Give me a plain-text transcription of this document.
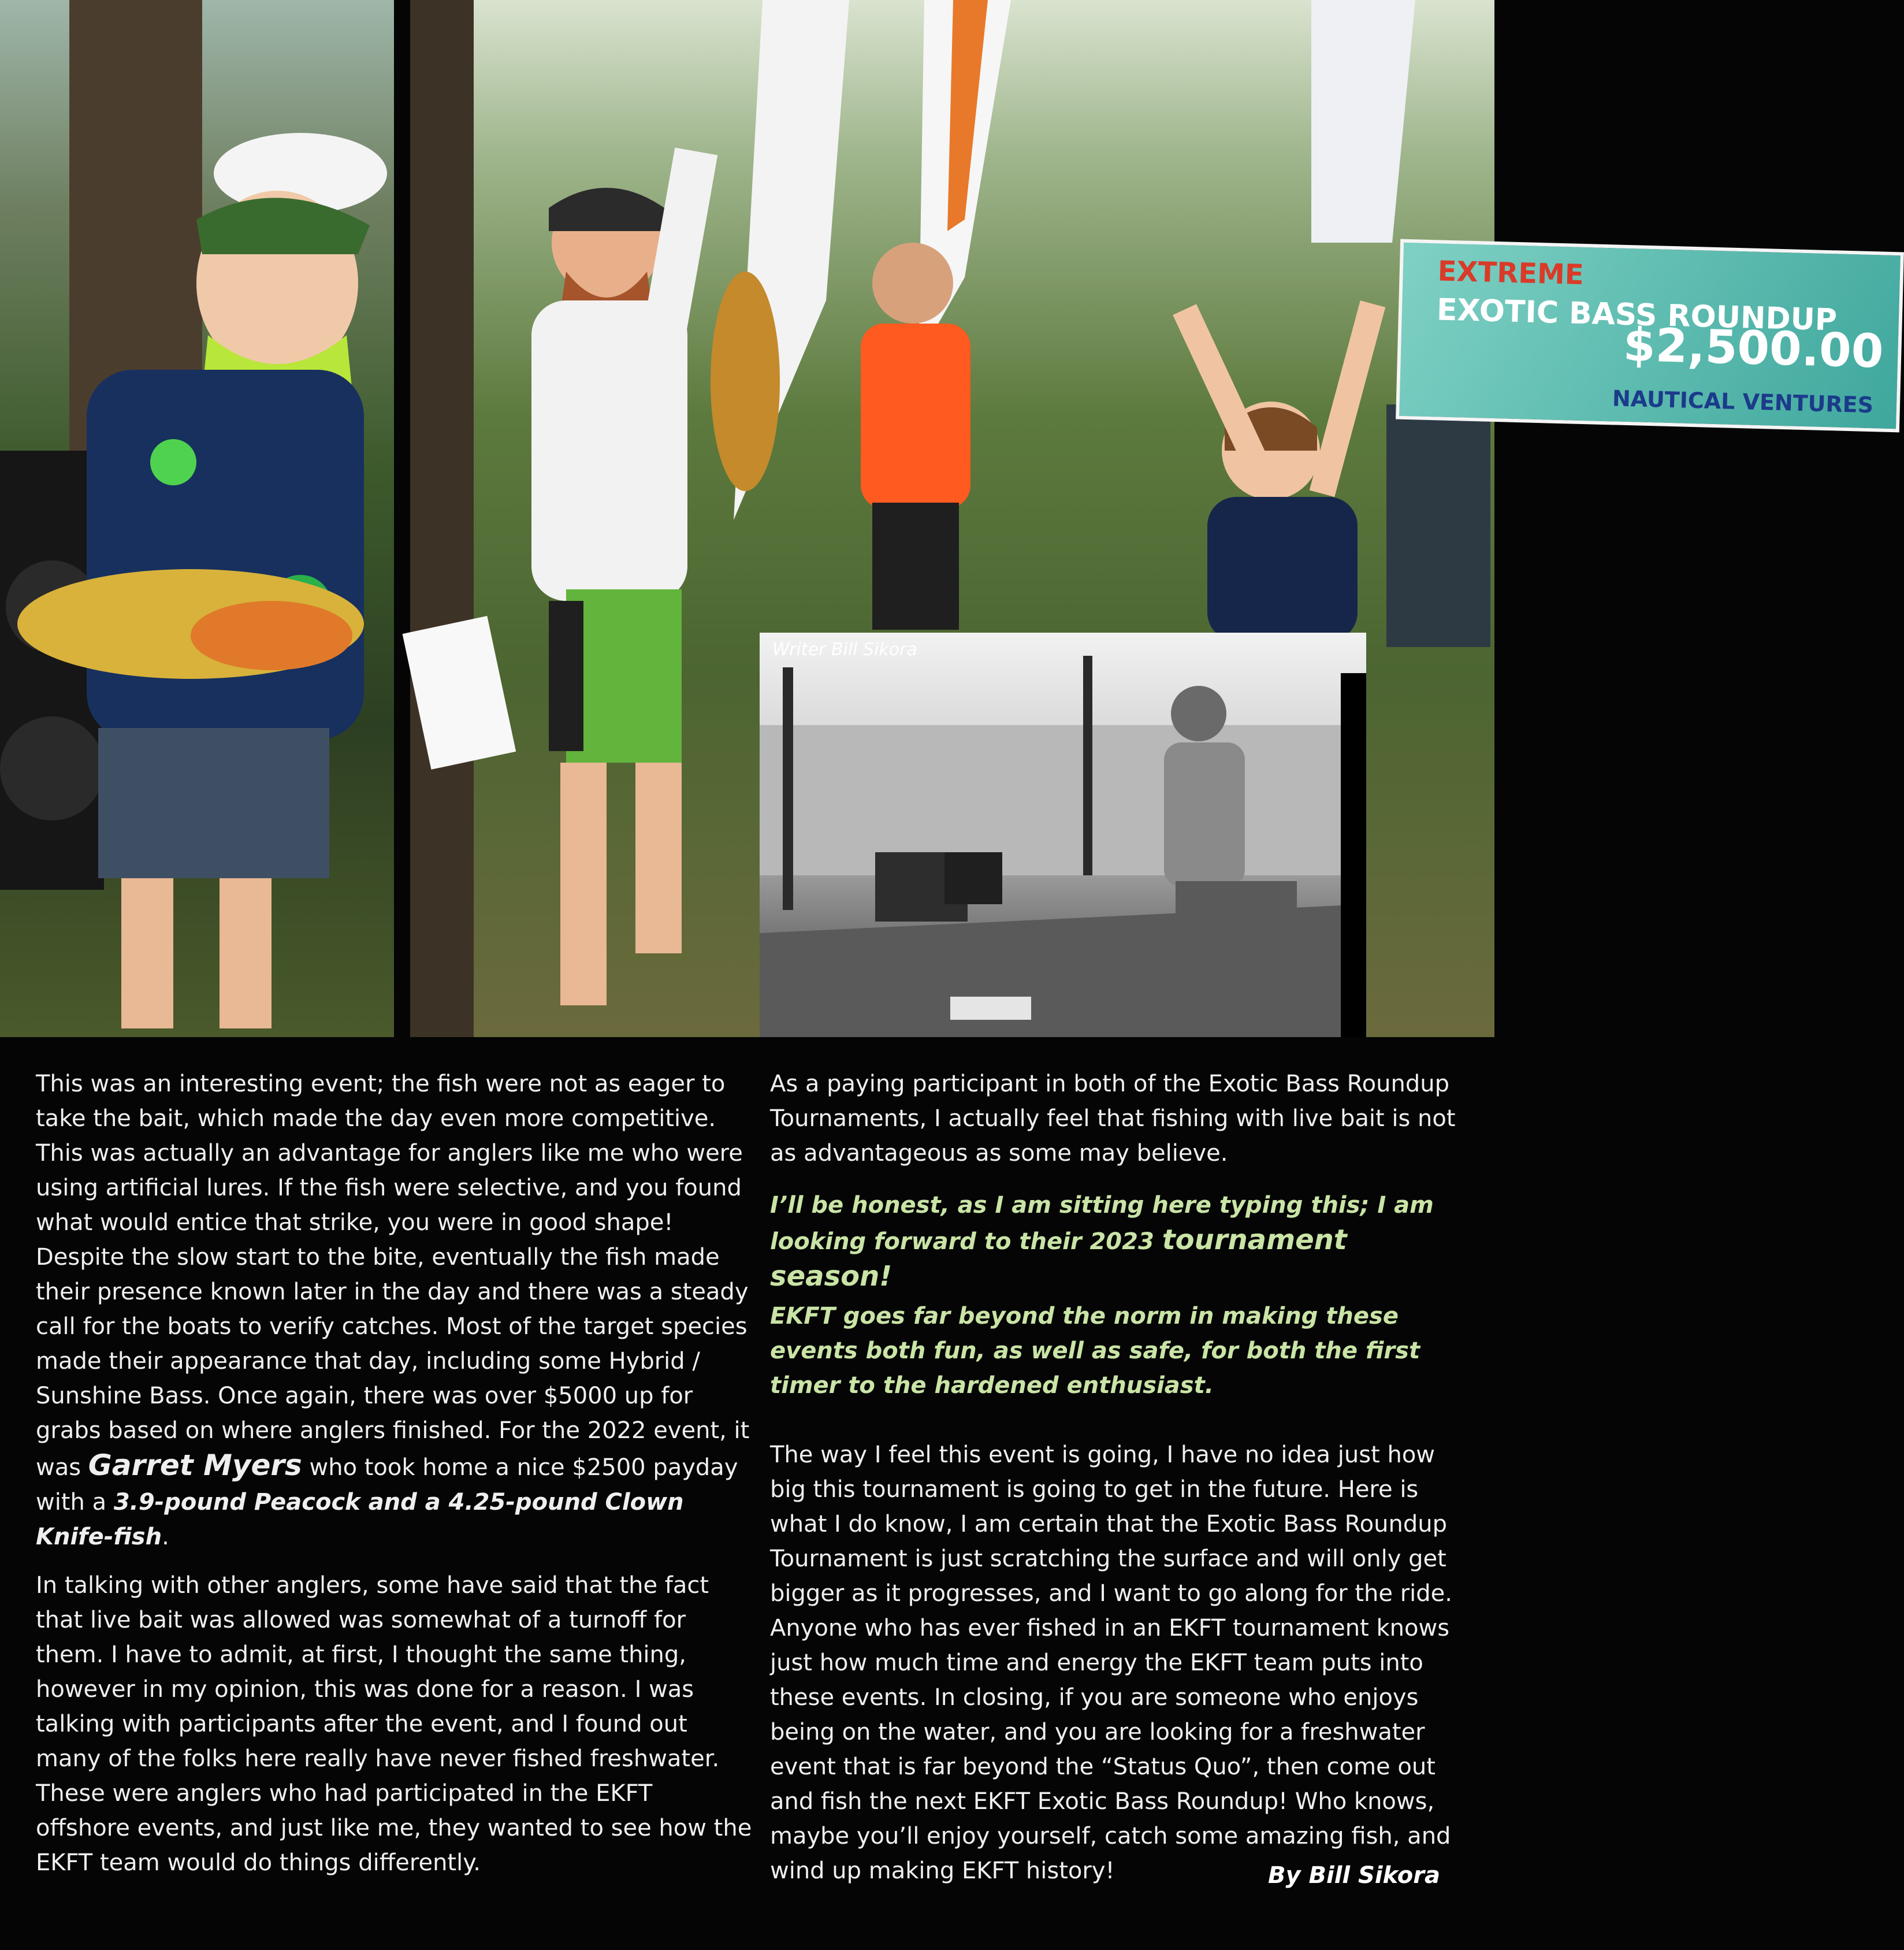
EXTREME
EXOTIC BASS ROUNDUP
$2,500.00
NAUTICAL VENTURES
Writer Bill Sikora

This was an interesting event; the fish were not as eager to take the bait, which made the day even more competitive. This was actually an advantage for anglers like me who were using artificial lures. If the fish were selective, and you found what would entice that strike, you were in good shape! Despite the slow start to the bite, eventually the fish made their presence known later in the day and there was a steady call for the boats to verify catches. Most of the target species made their appearance that day, including some Hybrid / Sunshine Bass. Once again, there was over $5000 up for grabs based on where anglers finished. For the 2022 event, it was Garret Myers who took home a nice $2500 payday with a 3.9-pound Peacock and a 4.25-pound Clown Knife-fish.

In talking with other anglers, some have said that the fact that live bait was allowed was somewhat of a turnoff for them. I have to admit, at first, I thought the same thing, however in my opinion, this was done for a reason. I was talking with participants after the event, and I found out many of the folks here really have never fished freshwater. These were anglers who had participated in the EKFT offshore events, and just like me, they wanted to see how the EKFT team would do things differently.

As a paying participant in both of the Exotic Bass Roundup Tournaments, I actually feel that fishing with live bait is not as advantageous as some may believe.

I’ll be honest, as I am sitting here typing this; I am looking forward to their 2023 tournament season!

EKFT goes far beyond the norm in making these events both fun, as well as safe, for both the first timer to the hardened enthusiast.

The way I feel this event is going, I have no idea just how big this tournament is going to get in the future. Here is what I do know, I am certain that the Exotic Bass Roundup Tournament is just scratching the surface and will only get bigger as it progresses, and I want to go along for the ride. Anyone who has ever fished in an EKFT tournament knows just how much time and energy the EKFT team puts into these events. In closing, if you are someone who enjoys being on the water, and you are looking for a freshwater event that is far beyond the “Status Quo”, then come out and fish the next EKFT Exotic Bass Roundup! Who knows, maybe you’ll enjoy yourself, catch some amazing fish, and wind up making EKFT history!	By Bill Sikora
